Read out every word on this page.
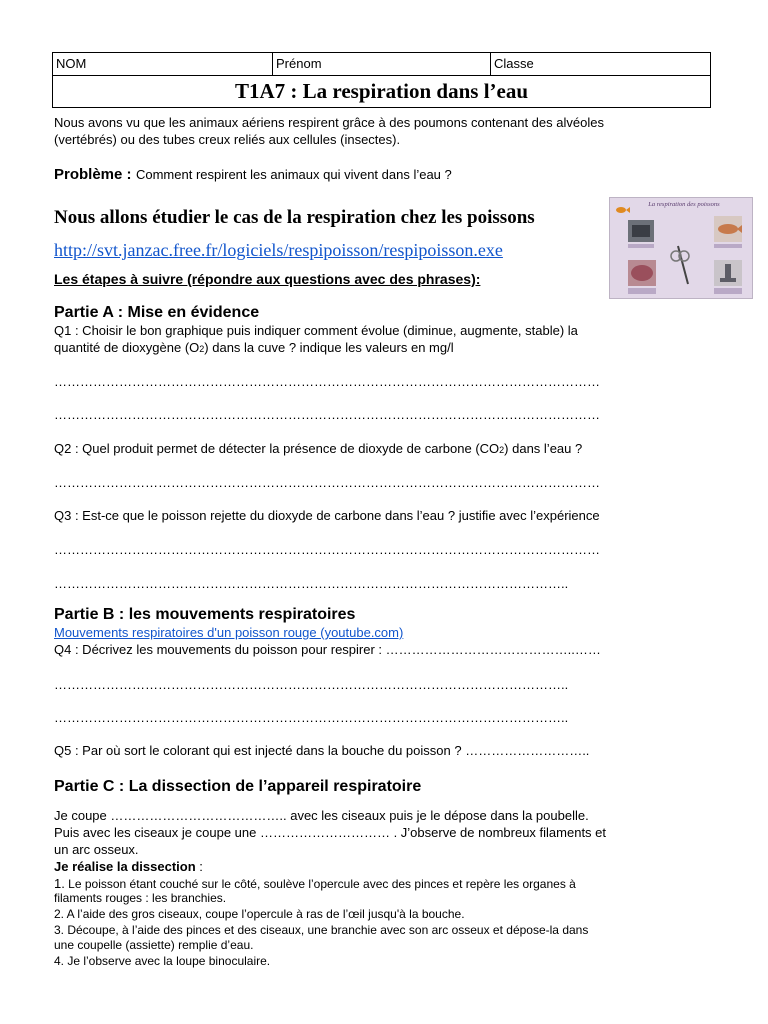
NOM	Prénom	Classe
T1A7 : La respiration dans l’eau
Nous avons vu que les animaux aériens respirent grâce à des poumons contenant des alvéoles
(vertébrés) ou des tubes creux reliés aux cellules (insectes).
Problème : Comment respirent les animaux qui vivent dans l’eau ?
Nous allons étudier le cas de la respiration chez les poissons
http://svt.janzac.free.fr/logiciels/respipoisson/respipoisson.exe
Les étapes à suivre (répondre aux questions avec des phrases):
La respiration des poissons
Partie A : Mise en évidence
Q1 : Choisir le bon graphique puis indiquer comment évolue (diminue, augmente, stable) la
quantité de dioxygène (O2) dans la cuve ? indique les valeurs en mg/l
………………………………………………………………………………………………………………
………………………………………………………………………………………………………………
Q2 : Quel produit permet de détecter la présence de dioxyde de carbone (CO2) dans l’eau ?
………………………………………………………………………………………………………………
Q3 : Est-ce que le poisson rejette du dioxyde de carbone dans l’eau ? justifie avec l’expérience
………………………………………………………………………………………………………………
………………………………………………………………………………………………………..
Partie B : les mouvements respiratoires
Mouvements respiratoires d'un poisson rouge (youtube.com)
Q4 : Décrivez les mouvements du poisson pour respirer : ……………………………………..……
………………………………………………………………………………………………………..
………………………………………………………………………………………………………..
Q5 : Par où sort le colorant qui est injecté dans la bouche du poisson ? ………………………..
Partie C : La dissection de l’appareil respiratoire
Je coupe ………………………………….. avec les ciseaux puis je le dépose dans la poubelle.
Puis avec les ciseaux je coupe une ………………………… . J’observe de nombreux filaments et
un arc osseux.
Je réalise la dissection :
1. Le poisson étant couché sur le côté, soulève l’opercule avec des pinces et repère les organes à
filaments rouges : les branchies.
2. A l’aide des gros ciseaux, coupe l’opercule à ras de l’œil jusqu'à la bouche.
3. Découpe, à l’aide des pinces et des ciseaux, une branchie avec son arc osseux et dépose-la dans
une coupelle (assiette) remplie d’eau.
4. Je l’observe avec la loupe binoculaire.
